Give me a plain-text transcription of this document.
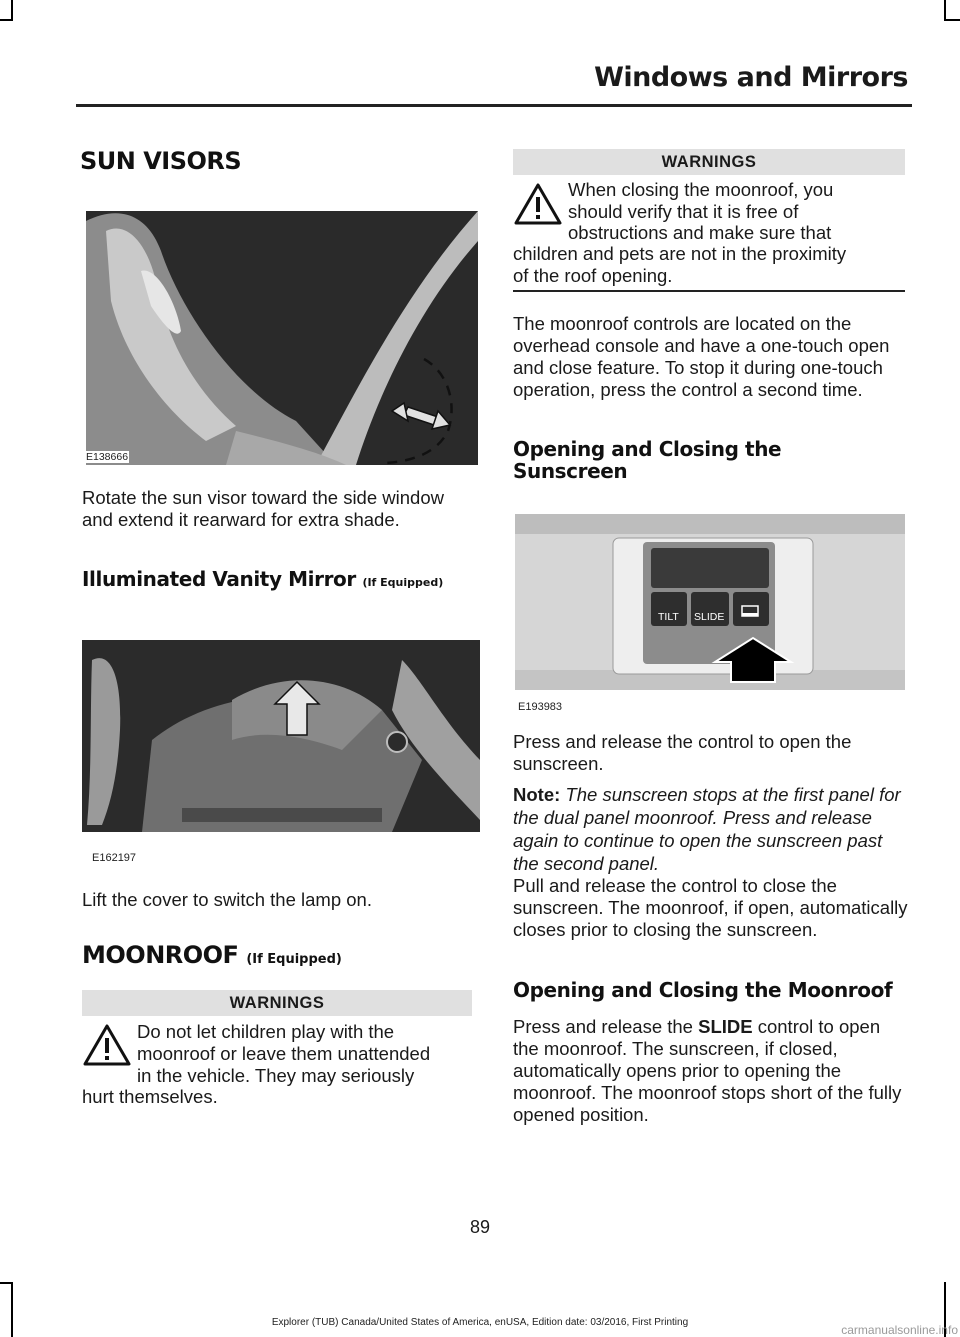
Windows and Mirrors
SUN VISORS
E138666
Rotate the sun visor toward the side window and extend it rearward for extra shade.
Illuminated Vanity Mirror (If Equipped)
E162197
Lift the cover to switch the lamp on.
MOONROOF (If Equipped)
WARNINGS
Do not let children play with the
moonroof or leave them unattended
in the vehicle. They may seriously
hurt themselves.
WARNINGS
When closing the moonroof, you
should verify that it is free of
obstructions and make sure that
children and pets are not in the proximity
of the roof opening.
The moonroof controls are located on the overhead console and have a one-touch open and close feature. To stop it during one-touch operation, press the control a second time.
Opening and Closing the
Sunscreen
TILT SLIDE
E193983
Press and release the control to open the sunscreen.
Note: The sunscreen stops at the first panel for the dual panel moonroof. Press and release again to continue to open the sunscreen past the second panel.
Pull and release the control to close the sunscreen. The moonroof, if open, automatically closes prior to closing the sunscreen.
Opening and Closing the Moonroof
Press and release the SLIDE control to open the moonroof. The sunscreen, if closed, automatically opens prior to opening the moonroof. The moonroof stops short of the fully opened position.
89
Explorer (TUB) Canada/United States of America, enUSA, Edition date: 03/2016, First Printing
carmanualsonline.info
